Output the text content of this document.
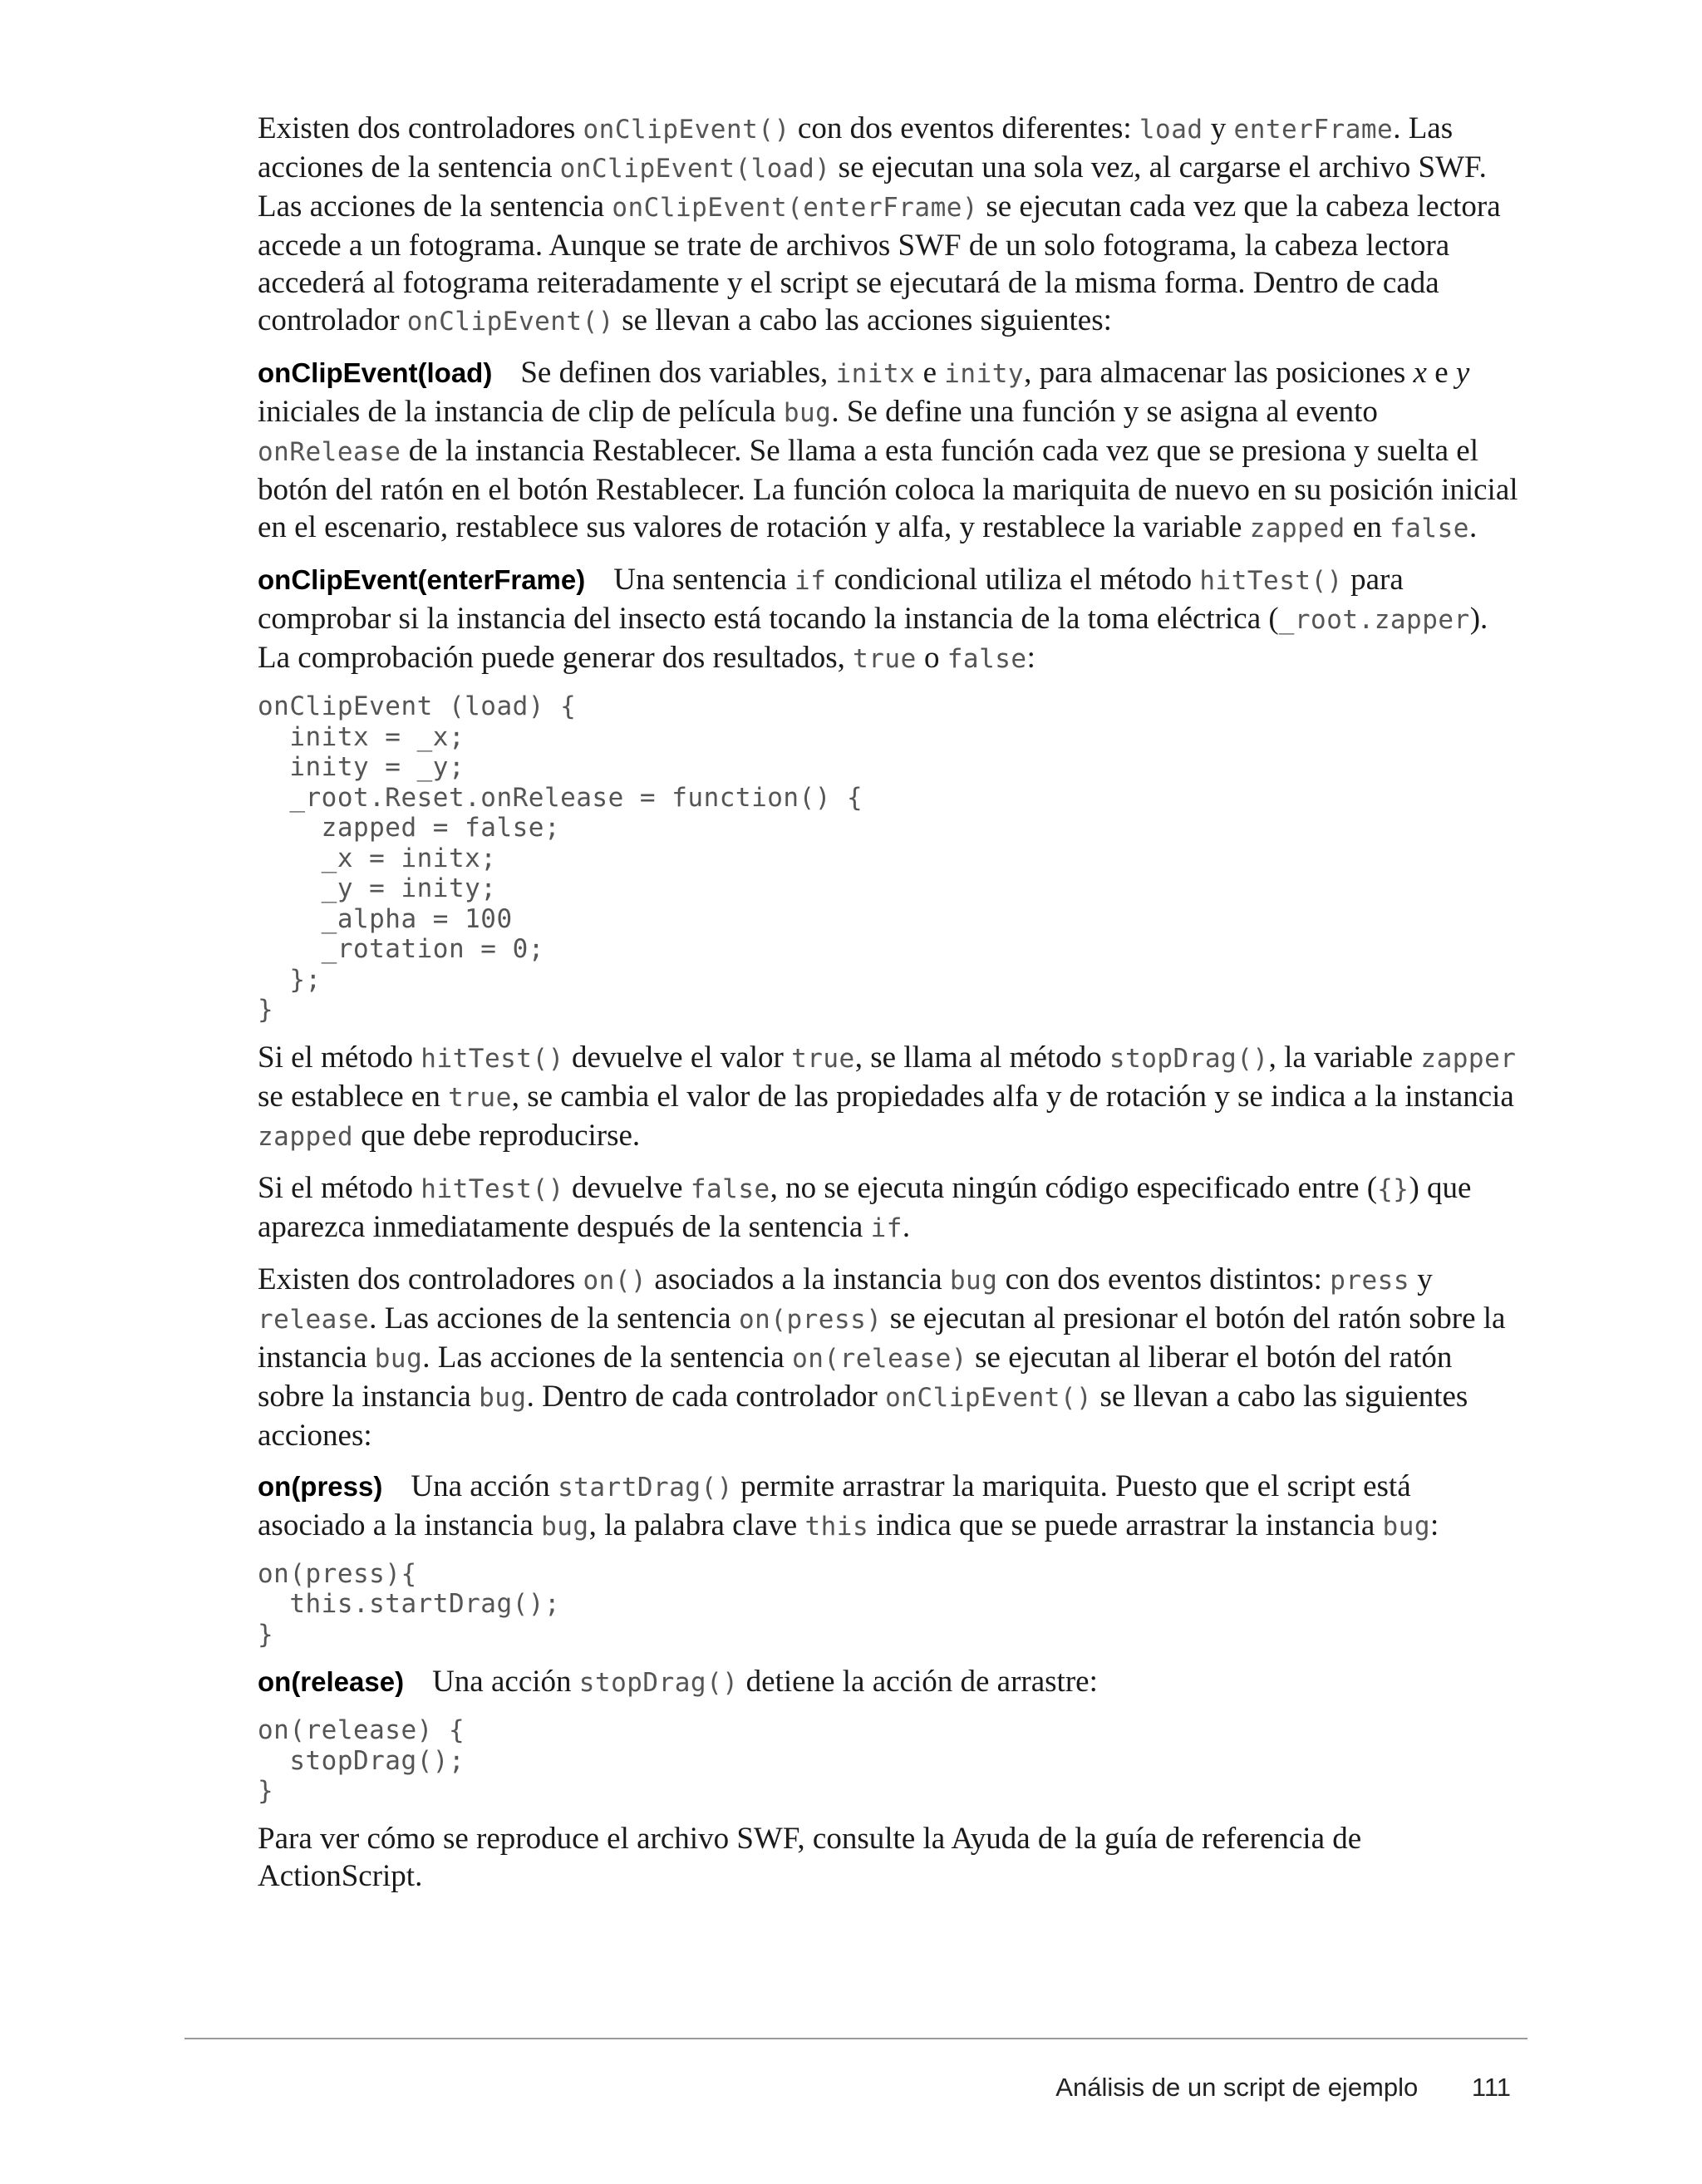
Existen dos controladores onClipEvent() con dos eventos diferentes: load y enterFrame. Las acciones de la sentencia onClipEvent(load) se ejecutan una sola vez, al cargarse el archivo SWF. Las acciones de la sentencia onClipEvent(enterFrame) se ejecutan cada vez que la cabeza lectora accede a un fotograma. Aunque se trate de archivos SWF de un solo fotograma, la cabeza lectora accederá al fotograma reiteradamente y el script se ejecutará de la misma forma. Dentro de cada controlador onClipEvent() se llevan a cabo las acciones siguientes:

onClipEvent(load) Se definen dos variables, initx e inity, para almacenar las posiciones x e y iniciales de la instancia de clip de película bug. Se define una función y se asigna al evento onRelease de la instancia Restablecer. Se llama a esta función cada vez que se presiona y suelta el botón del ratón en el botón Restablecer. La función coloca la mariquita de nuevo en su posición inicial en el escenario, restablece sus valores de rotación y alfa, y restablece la variable zapped en false.

onClipEvent(enterFrame) Una sentencia if condicional utiliza el método hitTest() para comprobar si la instancia del insecto está tocando la instancia de la toma eléctrica (_root.zapper). La comprobación puede generar dos resultados, true o false:

onClipEvent (load) {
initx = _x;
inity = _y;
_root.Reset.onRelease = function() {
zapped = false;
_x = initx;
_y = inity;
_alpha = 100
_rotation = 0;
};
}

Si el método hitTest() devuelve el valor true, se llama al método stopDrag(), la variable zapper se establece en true, se cambia el valor de las propiedades alfa y de rotación y se indica a la instancia zapped que debe reproducirse.

Si el método hitTest() devuelve false, no se ejecuta ningún código especificado entre ({}) que aparezca inmediatamente después de la sentencia if.

Existen dos controladores on() asociados a la instancia bug con dos eventos distintos: press y release. Las acciones de la sentencia on(press) se ejecutan al presionar el botón del ratón sobre la instancia bug. Las acciones de la sentencia on(release) se ejecutan al liberar el botón del ratón sobre la instancia bug. Dentro de cada controlador onClipEvent() se llevan a cabo las siguientes acciones:

on(press) Una acción startDrag() permite arrastrar la mariquita. Puesto que el script está asociado a la instancia bug, la palabra clave this indica que se puede arrastrar la instancia bug:

on(press){
this.startDrag();
}

on(release) Una acción stopDrag() detiene la acción de arrastre:

on(release) {
stopDrag();
}

Para ver cómo se reproduce el archivo SWF, consulte la Ayuda de la guía de referencia de ActionScript.

Análisis de un script de ejemplo 111
